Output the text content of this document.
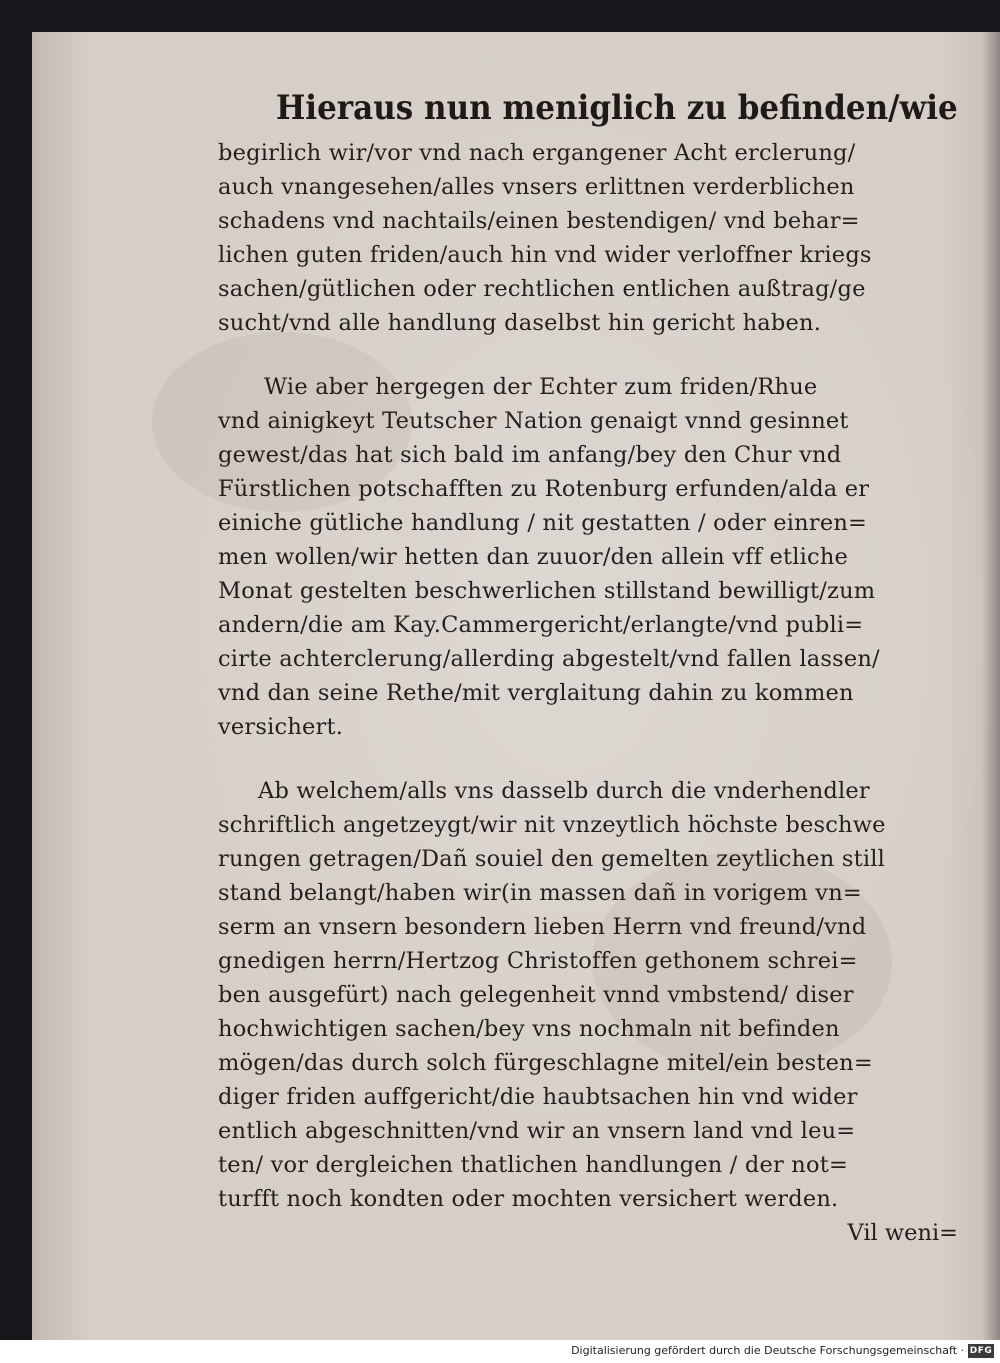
Hieraus nun meniglich zu befinden/wie
begirlich wir/vor vnd nach ergangener Acht erclerung/
auch vnangesehen/alles vnsers erlittnen verderblichen
schadens vnd nachtails/einen bestendigen/ vnd behar=
lichen guten friden/auch hin vnd wider verloffner kriegs
sachen/gütlichen oder rechtlichen entlichen außtrag/ge
sucht/vnd alle handlung daselbst hin gericht haben.
Wie aber hergegen der Echter zum friden/Rhue
vnd ainigkeyt Teutscher Nation genaigt vnnd gesinnet
gewest/das hat sich bald im anfang/bey den Chur vnd
Fürstlichen potschafften zu Rotenburg erfunden/alda er
einiche gütliche handlung / nit gestatten / oder einren=
men wollen/wir hetten dan zuuor/den allein vff etliche
Monat gestelten beschwerlichen stillstand bewilligt/zum
andern/die am Kay.Cammergericht/erlangte/vnd publi=
cirte achterclerung/allerding abgestelt/vnd fallen lassen/
vnd dan seine Rethe/mit verglaitung dahin zu kommen
versichert.
Ab welchem/alls vns dasselb durch die vnderhendler
schriftlich angetzeygt/wir nit vnzeytlich höchste beschwe
rungen getragen/Dañ souiel den gemelten zeytlichen still
stand belangt/haben wir(in massen dañ in vorigem vn=
serm an vnsern besondern lieben Herrn vnd freund/vnd
gnedigen herrn/Hertzog Christoffen gethonem schrei=
ben ausgefürt) nach gelegenheit vnnd vmbstend/ diser
hochwichtigen sachen/bey vns nochmaln nit befinden
mögen/das durch solch fürgeschlagne mitel/ein besten=
diger friden auffgericht/die haubtsachen hin vnd wider
entlich abgeschnitten/vnd wir an vnsern land vnd leu=
ten/ vor dergleichen thatlichen handlungen / der not=
turfft noch kondten oder mochten versichert werden.
Vil weni=
Digitalisierung gefördert durch die Deutsche Forschungsgemeinschaft · DFG
